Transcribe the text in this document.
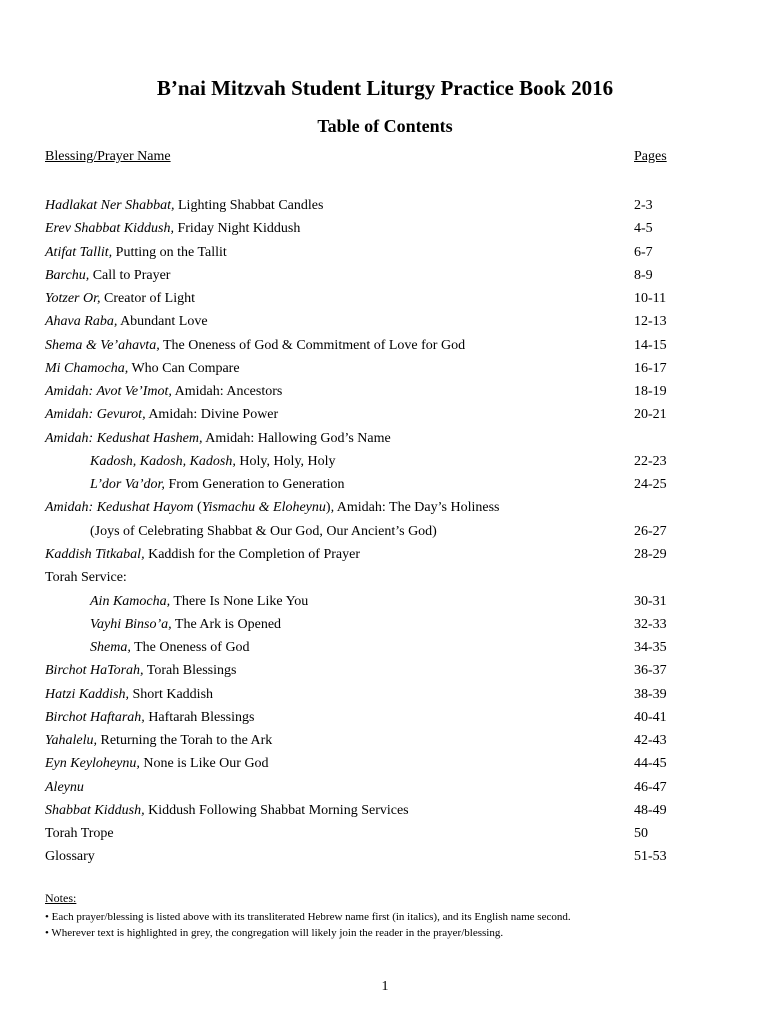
B’nai Mitzvah Student Liturgy Practice Book 2016
Table of Contents
Blessing/Prayer Name	Pages
Hadlakat Ner Shabbat, Lighting Shabbat Candles	2-3
Erev Shabbat Kiddush, Friday Night Kiddush	4-5
Atifat Tallit, Putting on the Tallit	6-7
Barchu, Call to Prayer	8-9
Yotzer Or, Creator of Light	10-11
Ahava Raba, Abundant Love	12-13
Shema & Ve’ahavta, The Oneness of God & Commitment of Love for God	14-15
Mi Chamocha, Who Can Compare	16-17
Amidah: Avot Ve’Imot, Amidah: Ancestors	18-19
Amidah: Gevurot, Amidah: Divine Power	20-21
Amidah: Kedushat Hashem, Amidah: Hallowing God’s Name
Kadosh, Kadosh, Kadosh, Holy, Holy, Holy	22-23
L’dor Va’dor, From Generation to Generation	24-25
Amidah: Kedushat Hayom (Yismachu & Eloheynu), Amidah: The Day’s Holiness
(Joys of Celebrating Shabbat & Our God, Our Ancient’s God)	26-27
Kaddish Titkabal, Kaddish for the Completion of Prayer	28-29
Torah Service:
Ain Kamocha, There Is None Like You	30-31
Vayhi Binso’a, The Ark is Opened	32-33
Shema, The Oneness of God	34-35
Birchot HaTorah, Torah Blessings	36-37
Hatzi Kaddish, Short Kaddish	38-39
Birchot Haftarah, Haftarah Blessings	40-41
Yahalelu, Returning the Torah to the Ark	42-43
Eyn Keyloheynu, None is Like Our God	44-45
Aleynu	46-47
Shabbat Kiddush, Kiddush Following Shabbat Morning Services	48-49
Torah Trope	50
Glossary	51-53
Notes:
• Each prayer/blessing is listed above with its transliterated Hebrew name first (in italics), and its English name second.
• Wherever text is highlighted in grey, the congregation will likely join the reader in the prayer/blessing.
1
